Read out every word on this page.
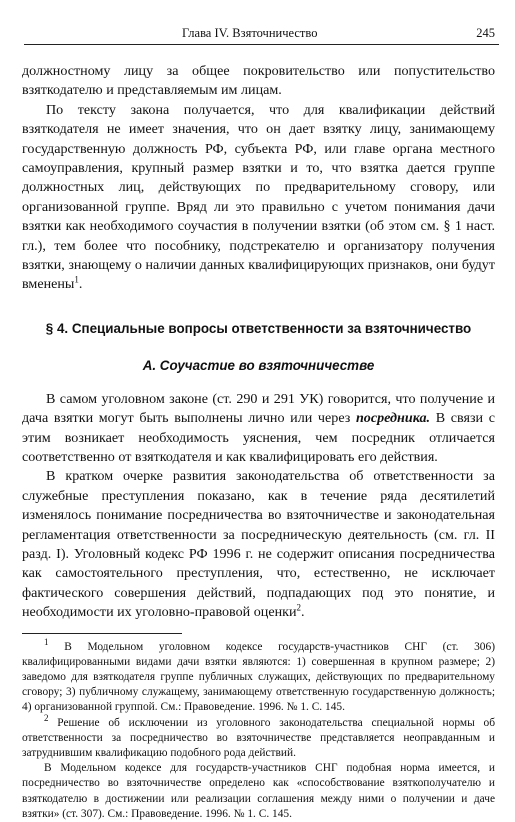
Глава IV. Взяточничество	245

должностному лицу за общее покровительство или попустительство взяткодателю и представляемым им лицам.

По тексту закона получается, что для квалификации действий взяткодателя не имеет значения, что он дает взятку лицу, занимающему государственную должность РФ, субъекта РФ, или главе органа местного самоуправления, крупный размер взятки и то, что взятка дается группе должностных лиц, действующих по предварительному сговору, или организованной группе. Вряд ли это правильно с учетом понимания дачи взятки как необходимого соучастия в получении взятки (об этом см. § 1 наст. гл.), тем более что пособнику, подстрекателю и организатору получения взятки, знающему о наличии данных квалифицирующих признаков, они будут вменены$^1$.

§ 4. Специальные вопросы ответственности за взяточничество
А. Соучастие во взяточничестве

В самом уголовном законе (ст. 290 и 291 УК) говорится, что получение и дача взятки могут быть выполнены лично или через посредника. В связи с этим возникает необходимость уяснения, чем посредник отличается соответственно от взяткодателя и как квалифицировать его действия.

В кратком очерке развития законодательства об ответственности за служебные преступления показано, как в течение ряда десятилетий изменялось понимание посредничества во взяточничестве и законодательная регламентация ответственности за посредническую деятельность (см. гл. II разд. I). Уголовный кодекс РФ 1996 г. не содержит описания посредничества как самостоятельного преступления, что, естественно, не исключает фактического совершения действий, подпадающих под это понятие, и необходимости их уголовно-правовой оценки$^2$.

$^1$ В Модельном уголовном кодексе государств-участников СНГ (ст. 306) квалифицированными видами дачи взятки являются: 1) совершенная в крупном размере; 2) заведомо для взяткодателя группе публичных служащих, действующих по предварительному сговору; 3) публичному служащему, занимающему ответственную государственную должность; 4) организованной группой. См.: Правоведение. 1996. № 1. С. 145.

$^2$ Решение об исключении из уголовного законодательства специальной нормы об ответственности за посредничество во взяточничестве представляется неоправданным и затруднившим квалификацию подобного рода действий.

В Модельном кодексе для государств-участников СНГ подобная норма имеется, и посредничество во взяточничестве определено как «способствование взяткополучателю и взяткодателю в достижении или реализации соглашения между ними о получении и даче взятки» (ст. 307). См.: Правоведение. 1996. № 1. С. 145.
